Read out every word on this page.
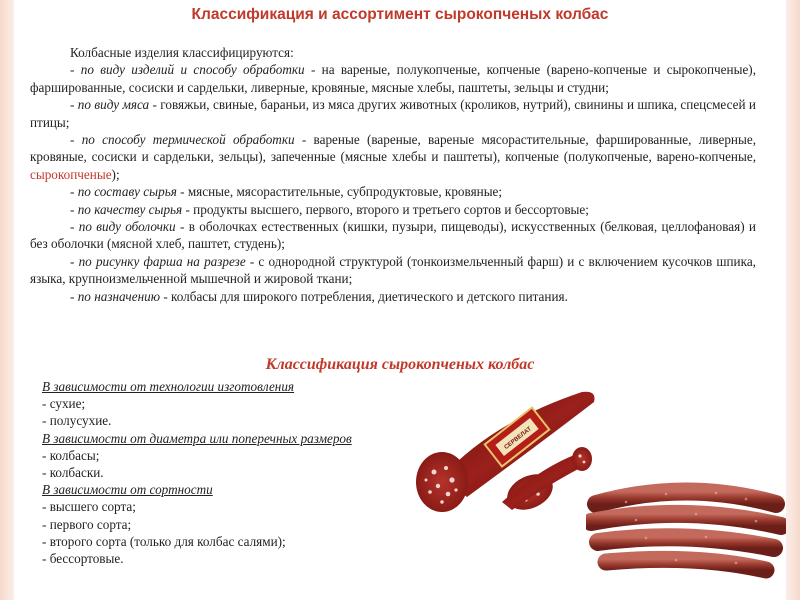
Классификация и ассортимент сырокопченых колбас

Колбасные изделия классифицируются:

- по виду изделий и способу обработки - на вареные, полукопченые, копченые (варено-копченые и сырокопченые), фаршированные, сосиски и сардельки, ливерные, кровяные, мясные хлебы, паштеты, зельцы и студни;

- по виду мяса - говяжьи, свиные, бараньи, из мяса других животных (кроликов, нутрий), свинины и шпика, спецсмесей и птицы;

- по способу термической обработки - вареные (вареные, вареные мясорастительные, фаршированные, ливерные, кровяные, сосиски и сардельки, зельцы), запеченные (мясные хлебы и паштеты), копченые (полукопченые, варено-копченые, сырокопченые);

- по составу сырья - мясные, мясорастительные, субпродуктовые, кровяные;

- по качеству сырья - продукты высшего, первого, второго и третьего сортов и бессортовые;

- по виду оболочки - в оболочках естественных (кишки, пузыри, пищеводы), искусственных (белковая, целлофановая) и без оболочки (мясной хлеб, паштет, студень);

- по рисунку фарша на разрезе - с однородной структурой (тонкоизмельченный фарш) и с включением кусочков шпика, языка, крупноизмельченной мышечной и жировой ткани;

- по назначению - колбасы для широкого потребления, диетического и детского питания.

Классификация сырокопченых колбас
В зависимости от технологии изготовления
- сухие;
- полусухие.
В зависимости от диаметра или поперечных размеров
- колбасы;
- колбаски.
В зависимости от сортности
- высшего сорта;
- первого сорта;
- второго сорта (только для колбас салями);
- бессортовые.
СЕРВЕЛАТ
